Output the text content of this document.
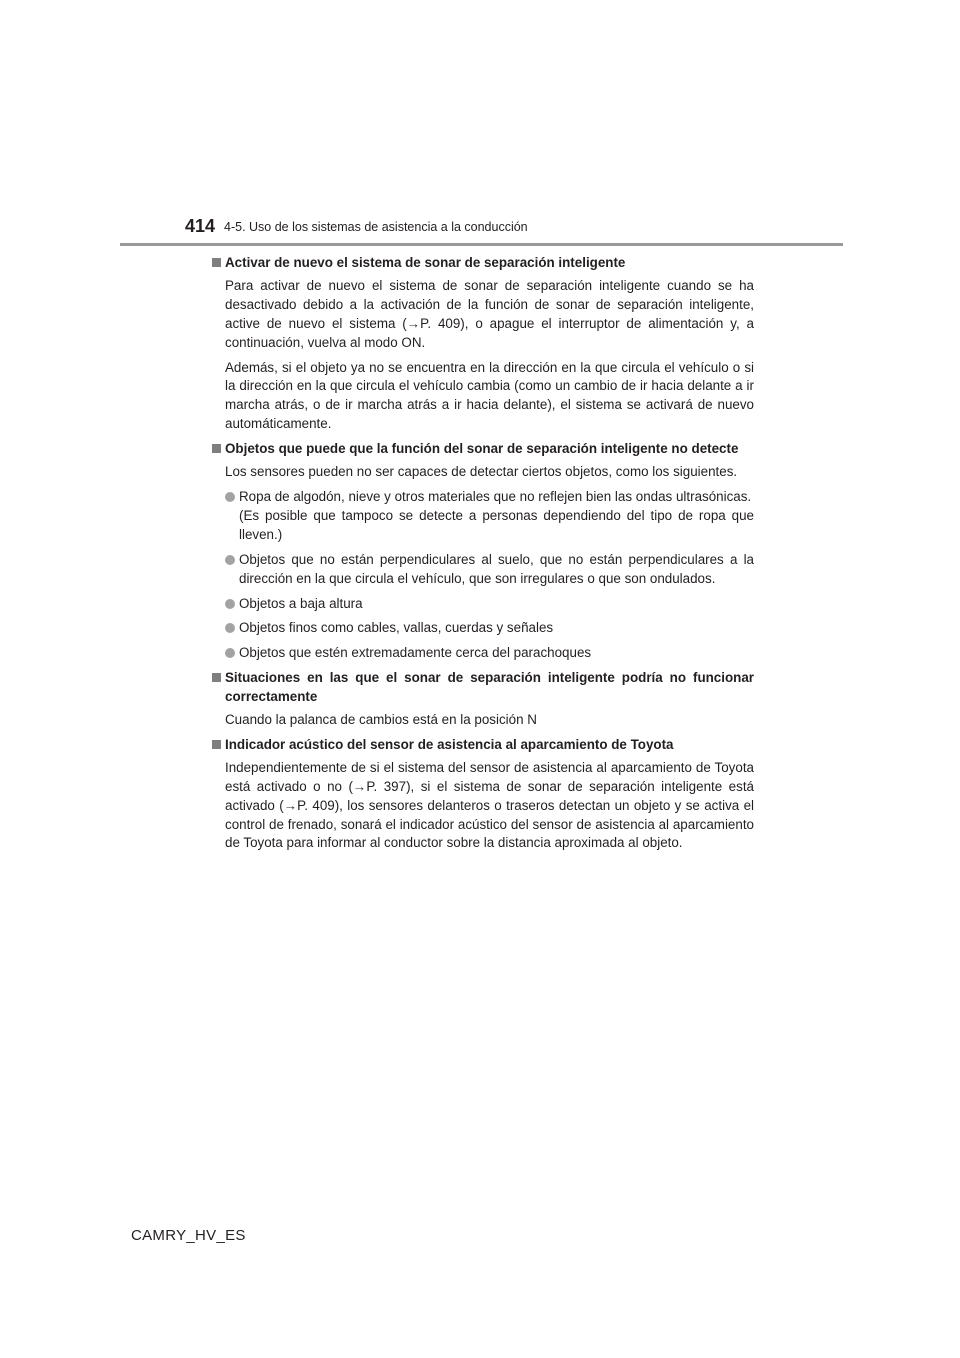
414 4-5. Uso de los sistemas de asistencia a la conducción
Activar de nuevo el sistema de sonar de separación inteligente
Para activar de nuevo el sistema de sonar de separación inteligente cuando se ha desactivado debido a la activación de la función de sonar de separación inteligente, active de nuevo el sistema (→P. 409), o apague el interruptor de alimentación y, a continuación, vuelva al modo ON.
Además, si el objeto ya no se encuentra en la dirección en la que circula el vehículo o si la dirección en la que circula el vehículo cambia (como un cambio de ir hacia delante a ir marcha atrás, o de ir marcha atrás a ir hacia delante), el sistema se activará de nuevo automáticamente.
Objetos que puede que la función del sonar de separación inteligente no detecte
Los sensores pueden no ser capaces de detectar ciertos objetos, como los siguientes.
Ropa de algodón, nieve y otros materiales que no reflejen bien las ondas ultrasónicas.
(Es posible que tampoco se detecte a personas dependiendo del tipo de ropa que lleven.)
Objetos que no están perpendiculares al suelo, que no están perpendiculares a la dirección en la que circula el vehículo, que son irregulares o que son ondulados.
Objetos a baja altura
Objetos finos como cables, vallas, cuerdas y señales
Objetos que estén extremadamente cerca del parachoques
Situaciones en las que el sonar de separación inteligente podría no funcionar correctamente
Cuando la palanca de cambios está en la posición N
Indicador acústico del sensor de asistencia al aparcamiento de Toyota
Independientemente de si el sistema del sensor de asistencia al aparcamiento de Toyota está activado o no (→P. 397), si el sistema de sonar de separación inteligente está activado (→P. 409), los sensores delanteros o traseros detectan un objeto y se activa el control de frenado, sonará el indicador acústico del sensor de asistencia al aparcamiento de Toyota para informar al conductor sobre la distancia aproximada al objeto.
CAMRY_HV_ES
